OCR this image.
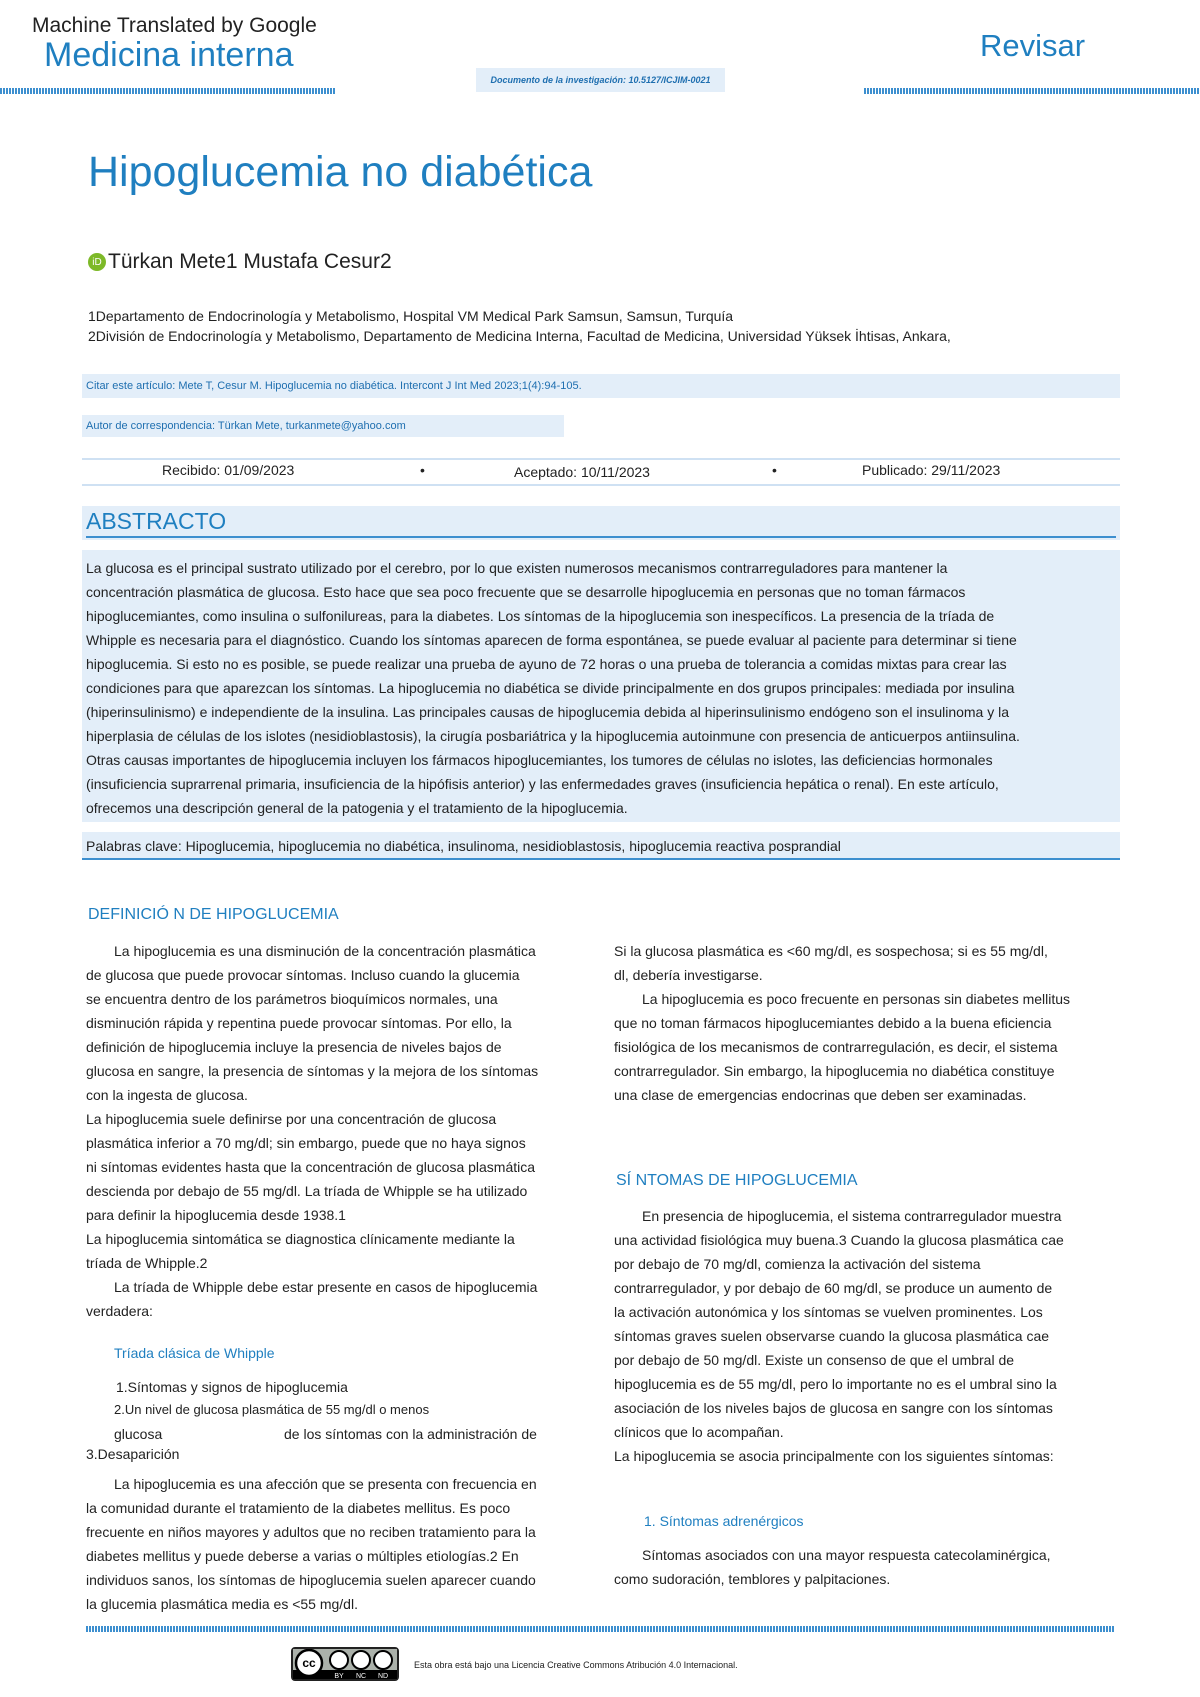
Machine Translated by Google
Medicina interna	Revisar
Documento de la investigación: 10.5127/ICJIM-0021
Hipoglucemia no diabética
iD Türkan Mete1 Mustafa Cesur2
1Departamento de Endocrinología y Metabolismo, Hospital VM Medical Park Samsun, Samsun, Turquía
2División de Endocrinología y Metabolismo, Departamento de Medicina Interna, Facultad de Medicina, Universidad Yüksek İhtisas, Ankara,
Citar este artículo: Mete T, Cesur M. Hipoglucemia no diabética. Intercont J Int Med 2023;1(4):94-105.
Autor de correspondencia: Türkan Mete, turkanmete@yahoo.com
Recibido: 01/09/2023	•	Aceptado: 10/11/2023	•	Publicado: 29/11/2023
ABSTRACTO
La glucosa es el principal sustrato utilizado por el cerebro, por lo que existen numerosos mecanismos contrarreguladores para mantener la
concentración plasmática de glucosa. Esto hace que sea poco frecuente que se desarrolle hipoglucemia en personas que no toman fármacos
hipoglucemiantes, como insulina o sulfonilureas, para la diabetes. Los síntomas de la hipoglucemia son inespecíficos. La presencia de la tríada de
Whipple es necesaria para el diagnóstico. Cuando los síntomas aparecen de forma espontánea, se puede evaluar al paciente para determinar si tiene
hipoglucemia. Si esto no es posible, se puede realizar una prueba de ayuno de 72 horas o una prueba de tolerancia a comidas mixtas para crear las
condiciones para que aparezcan los síntomas. La hipoglucemia no diabética se divide principalmente en dos grupos principales: mediada por insulina
(hiperinsulinismo) e independiente de la insulina. Las principales causas de hipoglucemia debida al hiperinsulinismo endógeno son el insulinoma y la
hiperplasia de células de los islotes (nesidioblastosis), la cirugía posbariátrica y la hipoglucemia autoinmune con presencia de anticuerpos antiinsulina.
Otras causas importantes de hipoglucemia incluyen los fármacos hipoglucemiantes, los tumores de células no islotes, las deficiencias hormonales
(insuficiencia suprarrenal primaria, insuficiencia de la hipófisis anterior) y las enfermedades graves (insuficiencia hepática o renal). En este artículo,
ofrecemos una descripción general de la patogenia y el tratamiento de la hipoglucemia.
Palabras clave: Hipoglucemia, hipoglucemia no diabética, insulinoma, nesidioblastosis, hipoglucemia reactiva posprandial
DEFINICIÓ N DE HIPOGLUCEMIA

La hipoglucemia es una disminución de la concentración plasmática

de glucosa que puede provocar síntomas. Incluso cuando la glucemia

se encuentra dentro de los parámetros bioquímicos normales, una

disminución rápida y repentina puede provocar síntomas. Por ello, la

definición de hipoglucemia incluye la presencia de niveles bajos de

glucosa en sangre, la presencia de síntomas y la mejora de los síntomas

con la ingesta de glucosa.

La hipoglucemia suele definirse por una concentración de glucosa

plasmática inferior a 70 mg/dl; sin embargo, puede que no haya signos

ni síntomas evidentes hasta que la concentración de glucosa plasmática

descienda por debajo de 55 mg/dl. La tríada de Whipple se ha utilizado

para definir la hipoglucemia desde 1938.1

La hipoglucemia sintomática se diagnostica clínicamente mediante la

tríada de Whipple.2

La tríada de Whipple debe estar presente en casos de hipoglucemia

verdadera:

Tríada clásica de Whipple
1.Síntomas y signos de hipoglucemia
2.Un nivel de glucosa plasmática de 55 mg/dl o menos
glucosa	de los síntomas con la administración de
3.Desaparición

La hipoglucemia es una afección que se presenta con frecuencia en

la comunidad durante el tratamiento de la diabetes mellitus. Es poco

frecuente en niños mayores y adultos que no reciben tratamiento para la

diabetes mellitus y puede deberse a varias o múltiples etiologías.2 En

individuos sanos, los síntomas de hipoglucemia suelen aparecer cuando

la glucemia plasmática media es <55 mg/dl.

Si la glucosa plasmática es <60 mg/dl, es sospechosa; si es 55 mg/dl,

dl, debería investigarse.

La hipoglucemia es poco frecuente en personas sin diabetes mellitus

que no toman fármacos hipoglucemiantes debido a la buena eficiencia

fisiológica de los mecanismos de contrarregulación, es decir, el sistema

contrarregulador. Sin embargo, la hipoglucemia no diabética constituye

una clase de emergencias endocrinas que deben ser examinadas.

SÍ NTOMAS DE HIPOGLUCEMIA

En presencia de hipoglucemia, el sistema contrarregulador muestra

una actividad fisiológica muy buena.3 Cuando la glucosa plasmática cae

por debajo de 70 mg/dl, comienza la activación del sistema

contrarregulador, y por debajo de 60 mg/dl, se produce un aumento de

la activación autonómica y los síntomas se vuelven prominentes. Los

síntomas graves suelen observarse cuando la glucosa plasmática cae

por debajo de 50 mg/dl. Existe un consenso de que el umbral de

hipoglucemia es de 55 mg/dl, pero lo importante no es el umbral sino la

asociación de los niveles bajos de glucosa en sangre con los síntomas

clínicos que lo acompañan.

La hipoglucemia se asocia principalmente con los siguientes síntomas:

1. Síntomas adrenérgicos

Síntomas asociados con una mayor respuesta catecolaminérgica,

como sudoración, temblores y palpitaciones.

cc
BY NC ND
Esta obra está bajo una Licencia Creative Commons Atribución 4.0 Internacional.
